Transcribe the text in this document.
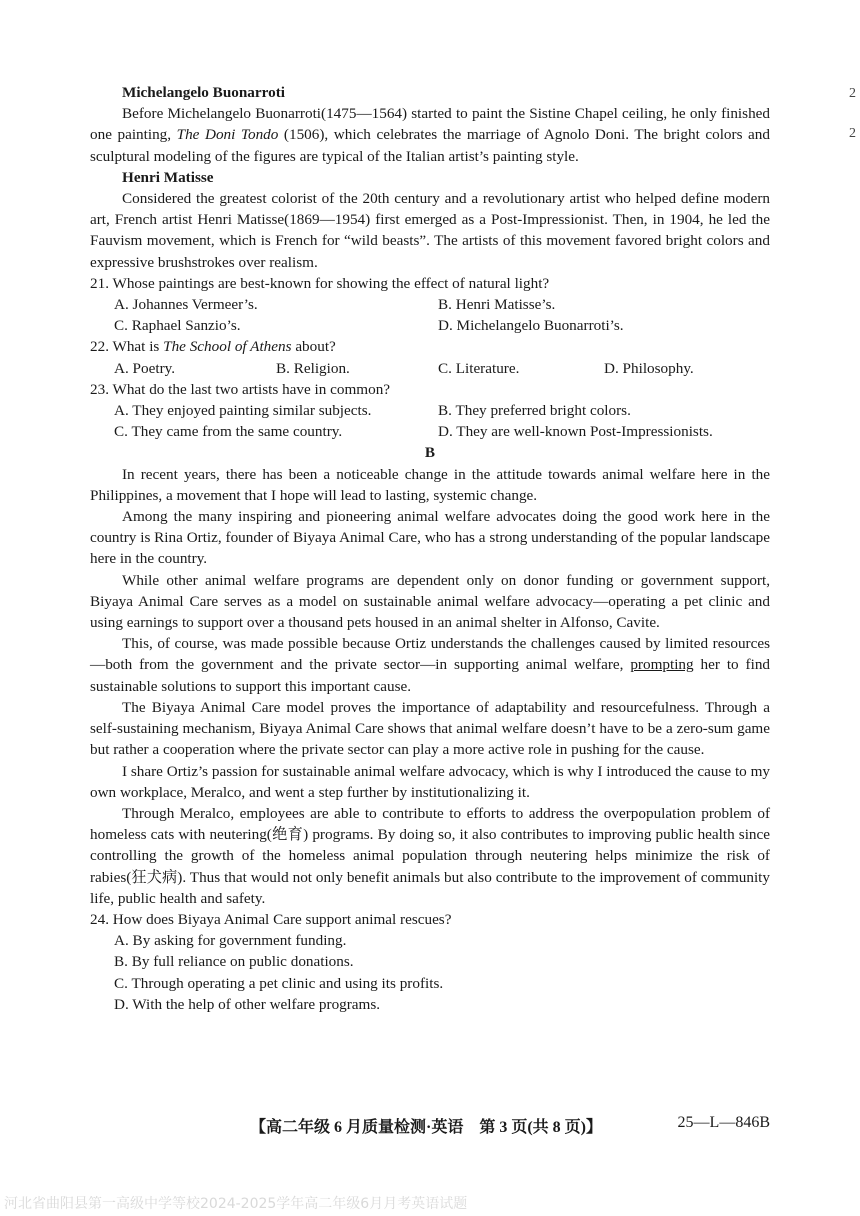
2
2

Michelangelo Buonarroti

Before Michelangelo Buonarroti(1475—1564) started to paint the Sistine Chapel ceiling, he only finished one painting, The Doni Tondo (1506), which celebrates the marriage of Agnolo Doni. The bright colors and sculptural modeling of the figures are typical of the Italian artist’s painting style.

Henri Matisse

Considered the greatest colorist of the 20th century and a revolutionary artist who helped define modern art, French artist Henri Matisse(1869—1954) first emerged as a Post-Impressionist. Then, in 1904, he led the Fauvism movement, which is French for “wild beasts”. The artists of this movement favored bright colors and expressive brushstrokes over realism.

21. Whose paintings are best-known for showing the effect of natural light?

A. Johannes Vermeer’s.	B. Henri Matisse’s.
C. Raphael Sanzio’s.	D. Michelangelo Buonarroti’s.

22. What is The School of Athens about?

A. Poetry.	B. Religion.	C. Literature.	D. Philosophy.

23. What do the last two artists have in common?

A. They enjoyed painting similar subjects.	B. They preferred bright colors.
C. They came from the same country.	D. They are well-known Post-Impressionists.

B

In recent years, there has been a noticeable change in the attitude towards animal welfare here in the Philippines, a movement that I hope will lead to lasting, systemic change.

Among the many inspiring and pioneering animal welfare advocates doing the good work here in the country is Rina Ortiz, founder of Biyaya Animal Care, who has a strong understanding of the popular landscape here in the country.

While other animal welfare programs are dependent only on donor funding or government support, Biyaya Animal Care serves as a model on sustainable animal welfare advocacy—operating a pet clinic and using earnings to support over a thousand pets housed in an animal shelter in Alfonso, Cavite.

This, of course, was made possible because Ortiz understands the challenges caused by limited resources—both from the government and the private sector—in supporting animal welfare, prompting her to find sustainable solutions to support this important cause.

The Biyaya Animal Care model proves the importance of adaptability and resourcefulness. Through a self-sustaining mechanism, Biyaya Animal Care shows that animal welfare doesn’t have to be a zero-sum game but rather a cooperation where the private sector can play a more active role in pushing for the cause.

I share Ortiz’s passion for sustainable animal welfare advocacy, which is why I introduced the cause to my own workplace, Meralco, and went a step further by institutionalizing it.

Through Meralco, employees are able to contribute to efforts to address the overpopulation problem of homeless cats with neutering(绝育) programs. By doing so, it also contributes to improving public health since controlling the growth of the homeless animal population through neutering helps minimize the risk of rabies(狂犬病). Thus that would not only benefit animals but also contribute to the improvement of community life, public health and safety.

24. How does Biyaya Animal Care support animal rescues?

A. By asking for government funding.

B. By full reliance on public donations.

C. Through operating a pet clinic and using its profits.

D. With the help of other welfare programs.

【高二年级 6 月质量检测·英语　第 3 页(共 8 页)】	25—L—846B
河北省曲阳县第一高级中学等校2024-2025学年高二年级6月月考英语试题
